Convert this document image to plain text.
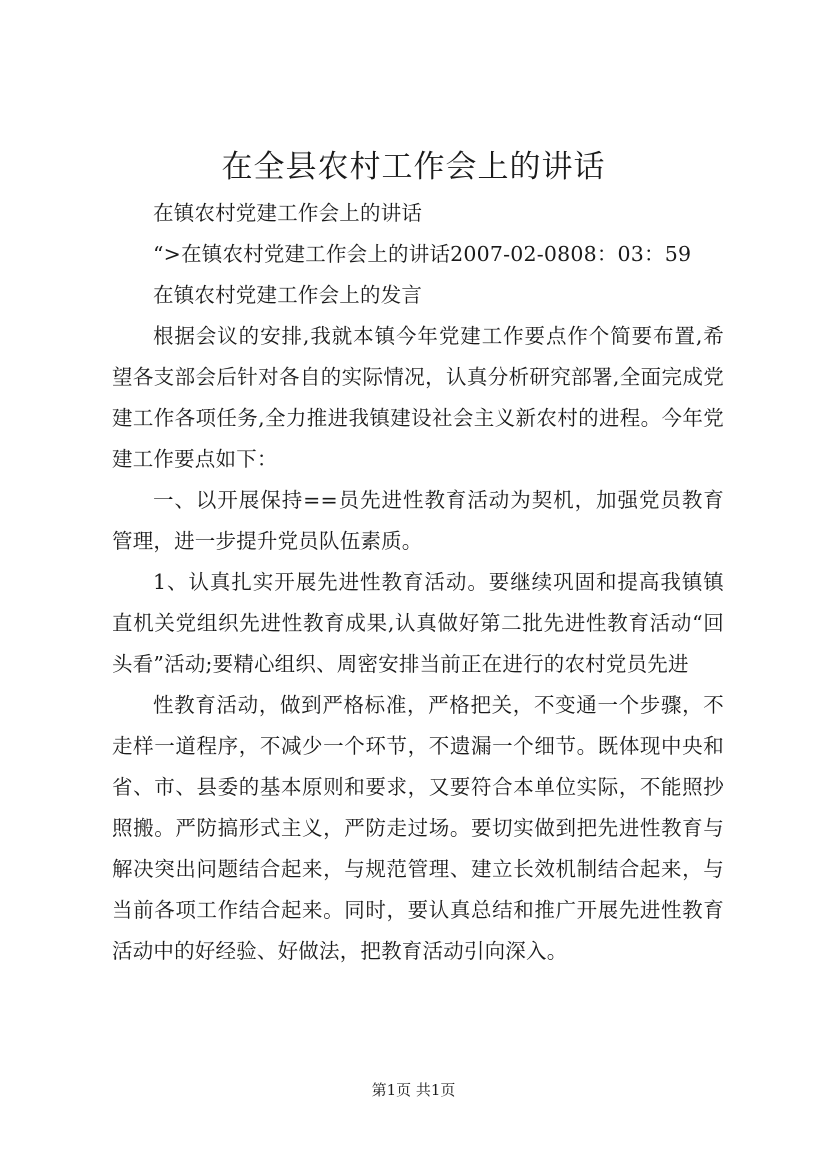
在全县农村工作会上的讲话

在镇农村党建工作会上的讲话

“>在镇农村党建工作会上的讲话2007-02-0808：03：59

在镇农村党建工作会上的发言

根据会议的安排,我就本镇今年党建工作要点作个简要布置,希望各支部会后针对各自的实际情况，认真分析研究部署,全面完成党建工作各项任务,全力推进我镇建设社会主义新农村的进程。今年党建工作要点如下：

一、以开展保持==员先进性教育活动为契机，加强党员教育管理，进一步提升党员队伍素质。

1、认真扎实开展先进性教育活动。要继续巩固和提高我镇镇直机关党组织先进性教育成果,认真做好第二批先进性教育活动“回头看”活动;要精心组织、周密安排当前正在进行的农村党员先进

性教育活动，做到严格标准，严格把关，不变通一个步骤，不走样一道程序，不减少一个环节，不遗漏一个细节。既体现中央和省、市、县委的基本原则和要求，又要符合本单位实际，不能照抄照搬。严防搞形式主义，严防走过场。要切实做到把先进性教育与解决突出问题结合起来，与规范管理、建立长效机制结合起来，与当前各项工作结合起来。同时，要认真总结和推广开展先进性教育活动中的好经验、好做法，把教育活动引向深入。

第1页 共1页
